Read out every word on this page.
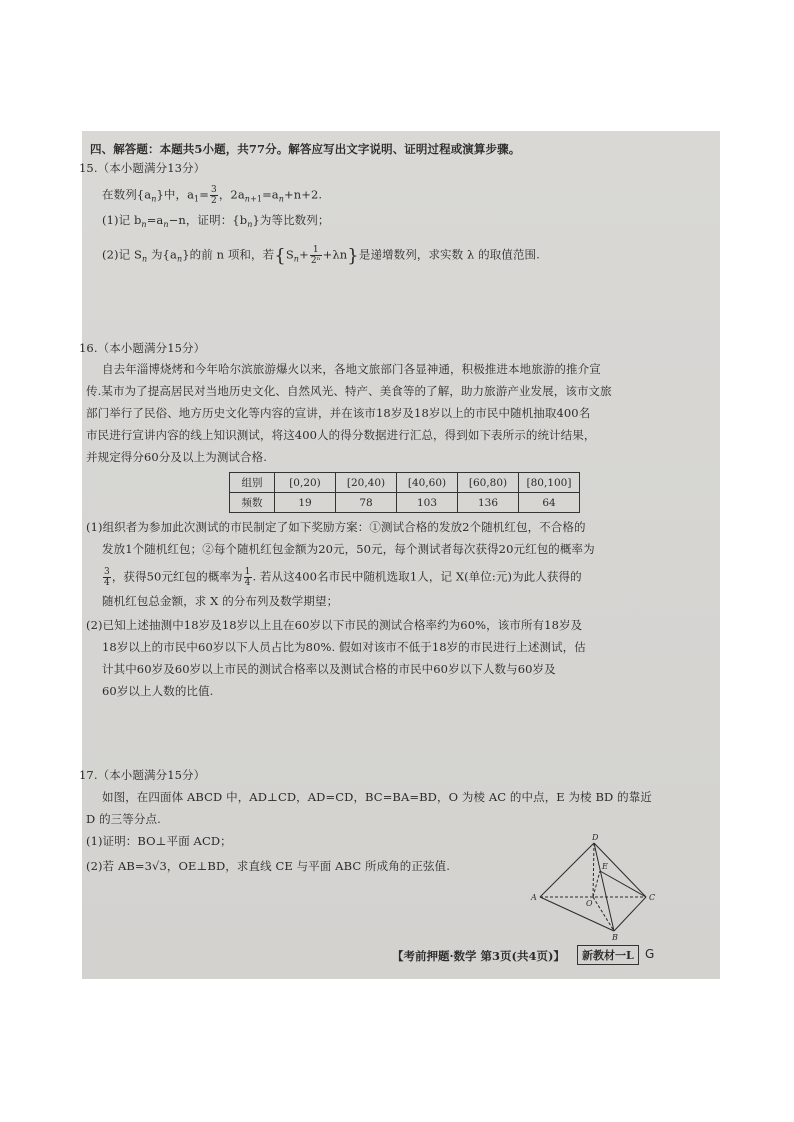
四、解答题：本题共5小题，共77分。解答应写出文字说明、证明过程或演算步骤。
15.（本小题满分13分）
在数列$\{a_n\}$中，$a_1= \frac{3}{2}$ ，$2a_{n+1}=a_n+n+2$.
(1)记 $b_n=a_n-n$，证明：$\{b_n\}$为等比数列；
(2)记 $S_n$ 为$\{a_n\}$的前 n 项和，若$\{S_n+ \frac{1}{\text{2ⁿ}} +\lambda n\}$是递增数列，求实数 λ 的取值范围.
16.（本小题满分15分）
自去年淄博烧烤和今年哈尔滨旅游爆火以来，各地文旅部门各显神通，积极推进本地旅游的推介宣
传.某市为了提高居民对当地历史文化、自然风光、特产、美食等的了解，助力旅游产业发展，该市文旅
部门举行了民俗、地方历史文化等内容的宣讲，并在该市18岁及18岁以上的市民中随机抽取400名
市民进行宣讲内容的线上知识测试，将这400人的得分数据进行汇总，得到如下表所示的统计结果，
并规定得分60分及以上为测试合格.
组别	[0,20)	[20,40)	[40,60)	[60,80)	[80,100]
频数	19	78	103	136	64
(1)组织者为参加此次测试的市民制定了如下奖励方案：①测试合格的发放2个随机红包，不合格的
发放1个随机红包；②每个随机红包金额为20元，50元，每个测试者每次获得20元红包的概率为
$\frac{3}{4}$ ，获得50元红包的概率为 $\frac{1}{4}$ . 若从这400名市民中随机选取1人，记 X(单位:元)为此人获得的
随机红包总金额，求 X 的分布列及数学期望；
(2)已知上述抽测中18岁及18岁以上且在60岁以下市民的测试合格率约为60%，该市所有18岁及
18岁以上的市民中60岁以下人员占比为80%. 假如对该市不低于18岁的市民进行上述测试，估
计其中60岁及60岁以上市民的测试合格率以及测试合格的市民中60岁以下人数与60岁及
60岁以上人数的比值.
17.（本小题满分15分）
如图，在四面体 ABCD 中，AD⊥CD，AD=CD，BC=BA=BD，O 为棱 AC 的中点，E 为棱 BD 的靠近
D 的三等分点.
(1)证明：BO⊥平面 ACD；
(2)若 AB=3√3，OE⊥BD，求直线 CE 与平面 ABC 所成角的正弦值.
D
A	C
B
E
O
【考前押题·数学 第3页(共4页)】	新教材一L G
